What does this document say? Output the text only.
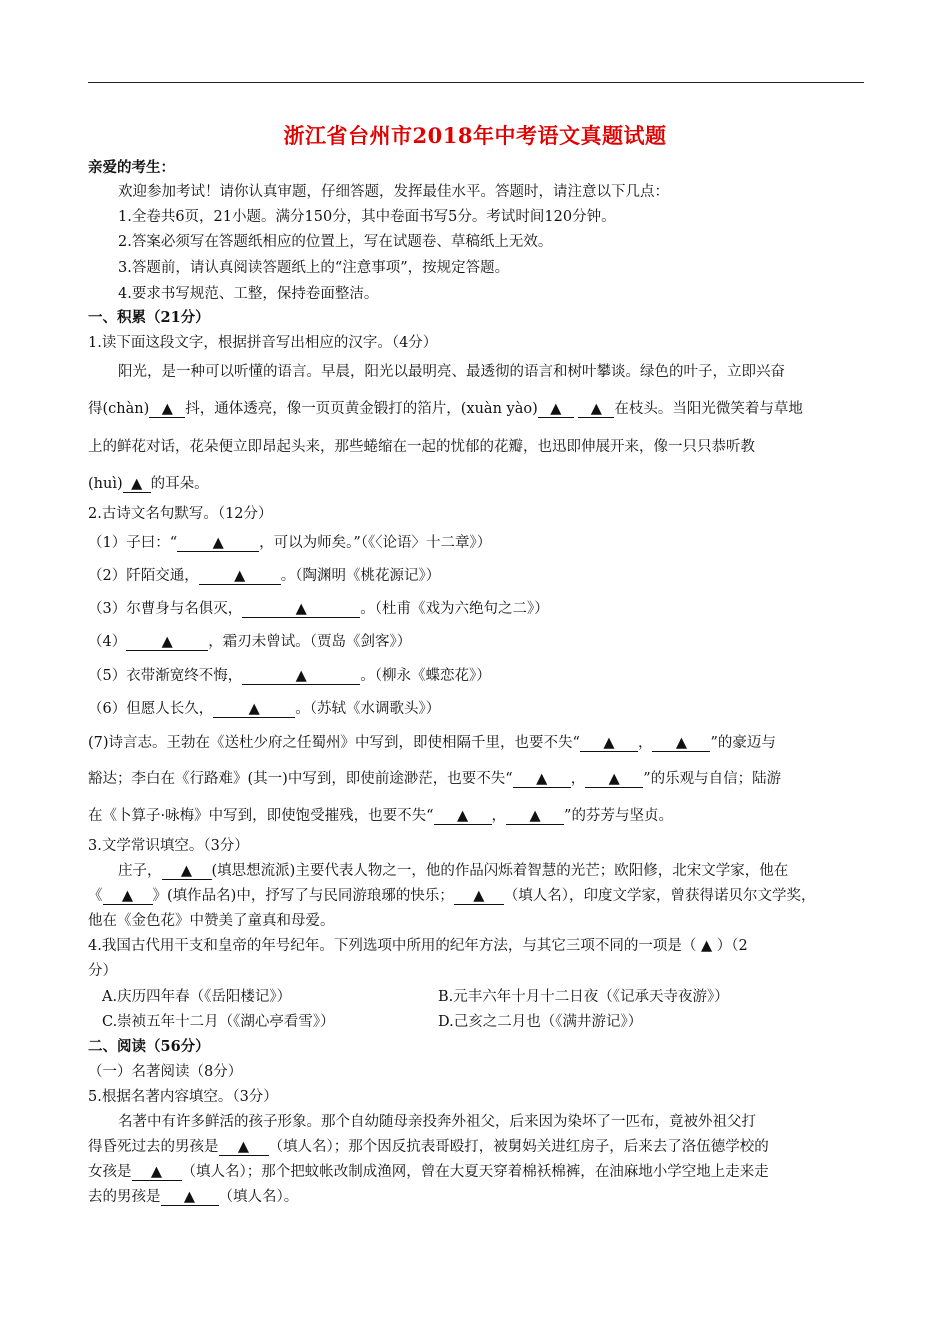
浙江省台州市2018年中考语文真题试题
亲爱的考生：
欢迎参加考试！请你认真审题，仔细答题，发挥最佳水平。答题时，请注意以下几点：
1.全卷共6页，21小题。满分150分，其中卷面书写5分。考试时间120分钟。
2.答案必须写在答题纸相应的位置上，写在试题卷、草稿纸上无效。
3.答题前，请认真阅读答题纸上的“注意事项”，按规定答题。
4.要求书写规范、工整，保持卷面整洁。
一、积累（21分）
1.读下面这段文字，根据拼音写出相应的汉字。（4分）
阳光，是一种可以听懂的语言。早晨，阳光以最明亮、最透彻的语言和树叶攀谈。绿色的叶子，立即兴奋
得(chàn) ▲ 抖，通体透亮，像一页页黄金锻打的箔片，(xuàn yào) ▲ ▲ 在枝头。当阳光微笑着与草地
上的鲜花对话，花朵便立即昂起头来，那些蜷缩在一起的忧郁的花瓣，也迅即伸展开来，像一只只恭听教
(huì) ▲ 的耳朵。
2.古诗文名句默写。（12分）
（1）子曰：“ ▲ ，可以为师矣。”（《〈论语〉十二章》）
（2）阡陌交通， ▲ 。（陶渊明《桃花源记》）
（3）尔曹身与名俱灭，	▲	。（杜甫《戏为六绝句之二》）
（4） ▲ ，霜刃未曾试。（贾岛《剑客》）
（5）衣带渐宽终不悔，	▲	。（柳永《蝶恋花》）
（6）但愿人长久， ▲ 。（苏轼《水调歌头》）
(7)诗言志。王勃在《送杜少府之任蜀州》中写到，即使相隔千里，也要不失“ ▲ ， ▲ ”的豪迈与
豁达；李白在《行路难》(其一)中写到，即使前途渺茫，也要不失“ ▲ ， ▲ ”的乐观与自信；陆游
在《卜算子·咏梅》中写到，即使饱受摧残，也要不失“ ▲ ， ▲ ”的芬芳与坚贞。
3.文学常识填空。（3分）
庄子， ▲ (填思想流派)主要代表人物之一，他的作品闪烁着智慧的光芒；欧阳修，北宋文学家，他在
《 ▲ 》(填作品名)中，抒写了与民同游琅琊的快乐； ▲ （填人名），印度文学家，曾获得诺贝尔文学奖，
他在《金色花》中赞美了童真和母爱。
4.我国古代用干支和皇帝的年号纪年。下列选项中所用的纪年方法，与其它三项不同的一项是（ ▲ ）（2
分）
A.庆历四年春（《岳阳楼记》）	B.元丰六年十月十二日夜（《记承天寺夜游》）
C.崇祯五年十二月（《湖心亭看雪》）	D.己亥之二月也（《满井游记》）
二、阅读（56分）
（一）名著阅读（8分）
5.根据名著内容填空。（3分）
名著中有许多鲜活的孩子形象。那个自幼随母亲投奔外祖父，后来因为染坏了一匹布，竟被外祖父打
得昏死过去的男孩是 ▲ （填人名）；那个因反抗表哥殴打，被舅妈关进红房子，后来去了洛伍德学校的
女孩是 ▲ （填人名）；那个把蚊帐改制成渔网，曾在大夏天穿着棉袄棉裤，在油麻地小学空地上走来走
去的男孩是 ▲ （填人名）。
